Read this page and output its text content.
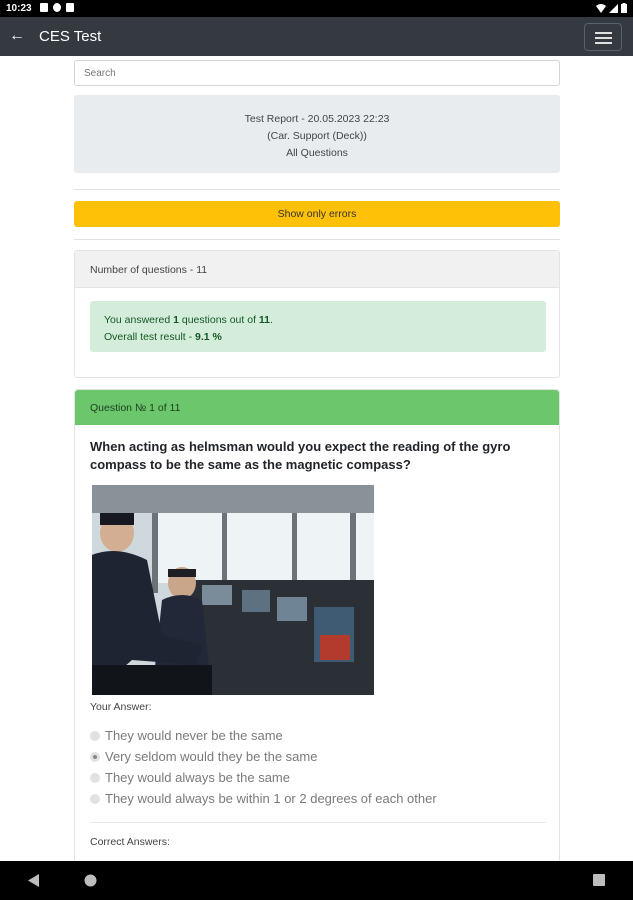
10:23
← CES Test
Search
Test Report - 20.05.2023 22:23
(Car. Support (Deck))
All Questions
Show only errors
Number of questions - 11
You answered 1 questions out of 11.
Overall test result - 9.1 %
Question № 1 of 11
When acting as helmsman would you expect the reading of the gyro compass to be the same as the magnetic compass?
Your Answer:
They would never be the same
Very seldom would they be the same
They would always be the same
They would always be within 1 or 2 degrees of each other
Correct Answers:
